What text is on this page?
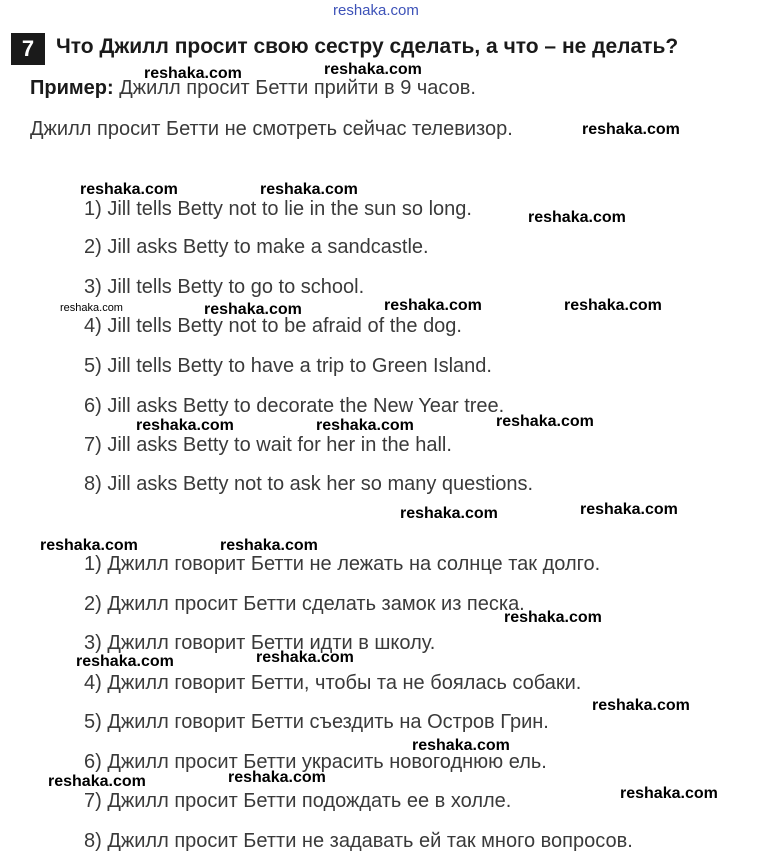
reshaka.com
7	Что Джилл просит свою сестру сделать, а что – не делать?
Пример: Джилл просит Бетти прийти в 9 часов.
Джилл просит Бетти не смотреть сейчас телевизор.
1) Jill tells Betty not to lie in the sun so long.
2) Jill asks Betty to make a sandcastle.
3) Jill tells Betty to go to school.
4) Jill tells Betty not to be afraid of the dog.
5) Jill tells Betty to have a trip to Green Island.
6) Jill asks Betty to decorate the New Year tree.
7) Jill asks Betty to wait for her in the hall.
8) Jill asks Betty not to ask her so many questions.
1) Джилл говорит Бетти не лежать на солнце так долго.
2) Джилл просит Бетти сделать замок из песка.
3) Джилл говорит Бетти идти в школу.
4) Джилл говорит Бетти, чтобы та не боялась собаки.
5) Джилл говорит Бетти съездить на Остров Грин.
6) Джилл просит Бетти украсить новогоднюю ель.
7) Джилл просит Бетти подождать ее в холле.
8) Джилл просит Бетти не задавать ей так много вопросов.
reshaka.com	reshaka.com
reshaka.com
reshaka.com	reshaka.com
reshaka.com
reshaka.com	reshaka.com	reshaka.com	reshaka.com
reshaka.com	reshaka.com	reshaka.com
reshaka.com	reshaka.com
reshaka.com	reshaka.com
reshaka.com
reshaka.com	reshaka.com
reshaka.com
reshaka.com
reshaka.com	reshaka.com
reshaka.com
